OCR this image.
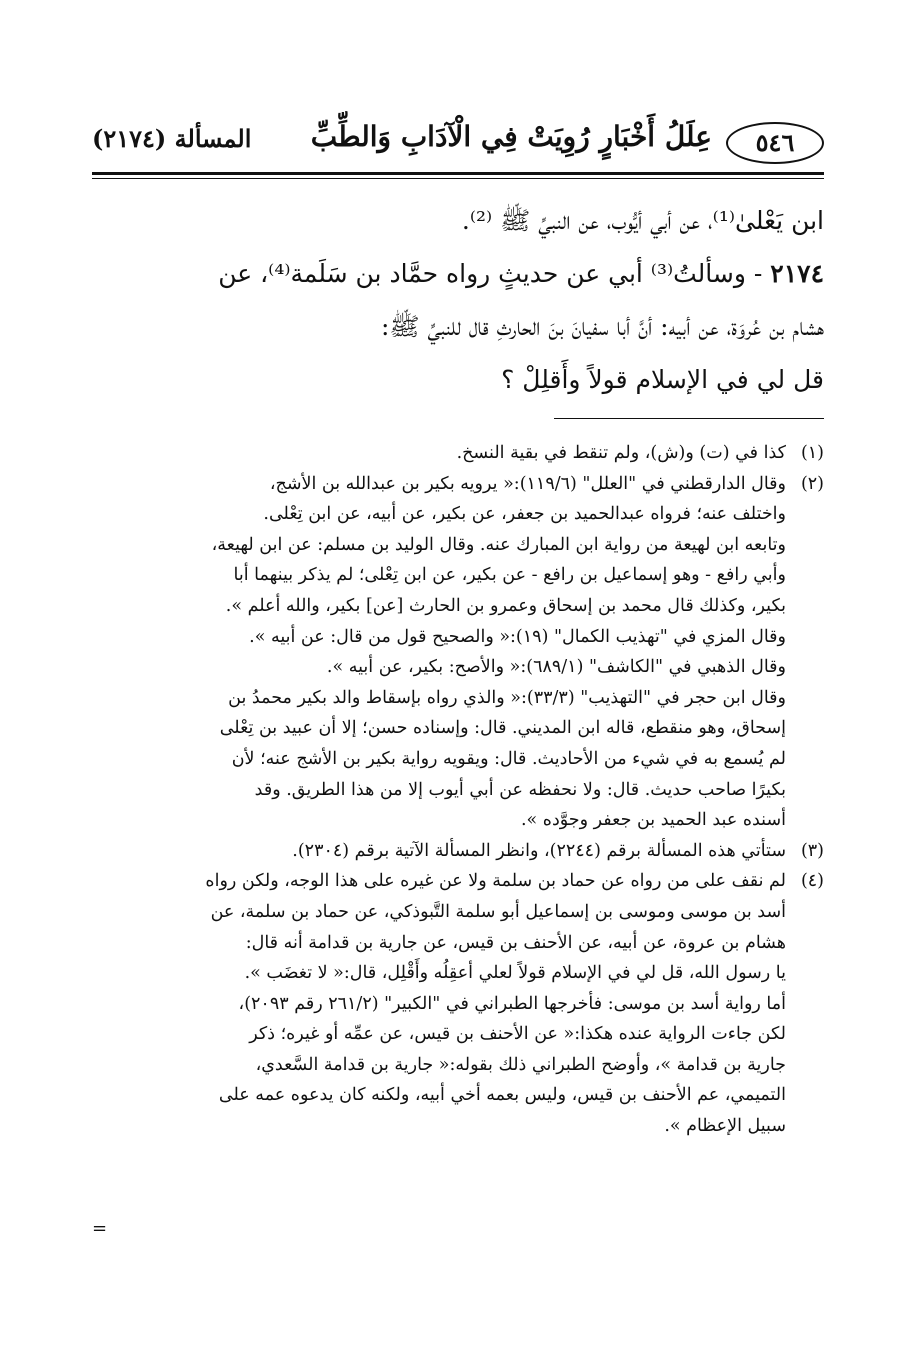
٥٤٦
عِلَلُ أَخْبَارٍ رُوِيَتْ فِي الْآدَابِ وَالطِّبِّ
المسألة (٢١٧٤)

ابن يَعْلىٰ⁽¹⁾، عن أبي أيُّوب، عن النبيِّ ﷺ ⁽²⁾.

٢١٧٤ - وسألتُ⁽³⁾ أبي عن حديثٍ رواه حمَّاد بن سَلَمة⁽⁴⁾، عن

هشام بن عُروَة، عن أبيه: أنَّ أبا سفيانَ بنَ الحارثِ قال للنبيِّ ﷺ:

قل لي في الإسلام قولاً وأَقلِلْ ؟

(١)
كذا في (ت) و(ش)، ولم تنقط في بقية النسخ.
(٢)
وقال الدارقطني في "العلل" (١١٩/٦):« يرويه بكير بن عبدالله بن الأشج،
واختلف عنه؛ فرواه عبدالحميد بن جعفر، عن بكير، عن أبيه، عن ابن تِعْلى.
وتابعه ابن لهيعة من رواية ابن المبارك عنه. وقال الوليد بن مسلم: عن ابن لهيعة،
وأبي رافع - وهو إسماعيل بن رافع - عن بكير، عن ابن تِعْلى؛ لم يذكر بينهما أبا
بكير، وكذلك قال محمد بن إسحاق وعمرو بن الحارث [عن] بكير، والله أعلم ».
وقال المزي في "تهذيب الكمال" (١٩):« والصحيح قول من قال: عن أبيه ».
وقال الذهبي في "الكاشف" (٦٨٩/١):« والأصح: بكير، عن أبيه ».
وقال ابن حجر في "التهذيب" (٣٣/٣):« والذي رواه بإسقاط والد بكير محمدُ بن
إسحاق، وهو منقطع، قاله ابن المديني. قال: وإسناده حسن؛ إلا أن عبيد بن تِعْلى
لم يُسمع به في شيء من الأحاديث. قال: ويقويه رواية بكير بن الأشج عنه؛ لأن
بكيرًا صاحب حديث. قال: ولا نحفظه عن أبي أيوب إلا من هذا الطريق. وقد
أسنده عبد الحميد بن جعفر وجوَّده ».
(٣)
ستأتي هذه المسألة برقم (٢٢٤٤)، وانظر المسألة الآتية برقم (٢٣٠٤).
(٤)
لم نقف على من رواه عن حماد بن سلمة ولا عن غيره على هذا الوجه، ولكن رواه
أسد بن موسى وموسى بن إسماعيل أبو سلمة التَّبوذكي، عن حماد بن سلمة، عن
هشام بن عروة، عن أبيه، عن الأحنف بن قيس، عن جارية بن قدامة أنه قال:
يا رسول الله، قل لي في الإسلام قولاً لعلي أعقِلُه وأَقْلِل، قال:« لا تغضَب ».
أما رواية أسد بن موسى: فأخرجها الطبراني في "الكبير" (٢٦١/٢ رقم ٢٠٩٣)،
لكن جاءت الرواية عنده هكذا:« عن الأحنف بن قيس، عن عمِّه أو غيره؛ ذكر
جارية بن قدامة »، وأوضح الطبراني ذلك بقوله:« جارية بن قدامة السَّعدي،
التميمي، عم الأحنف بن قيس، وليس بعمه أخي أبيه، ولكنه كان يدعوه عمه على
سبيل الإعظام ».
=
